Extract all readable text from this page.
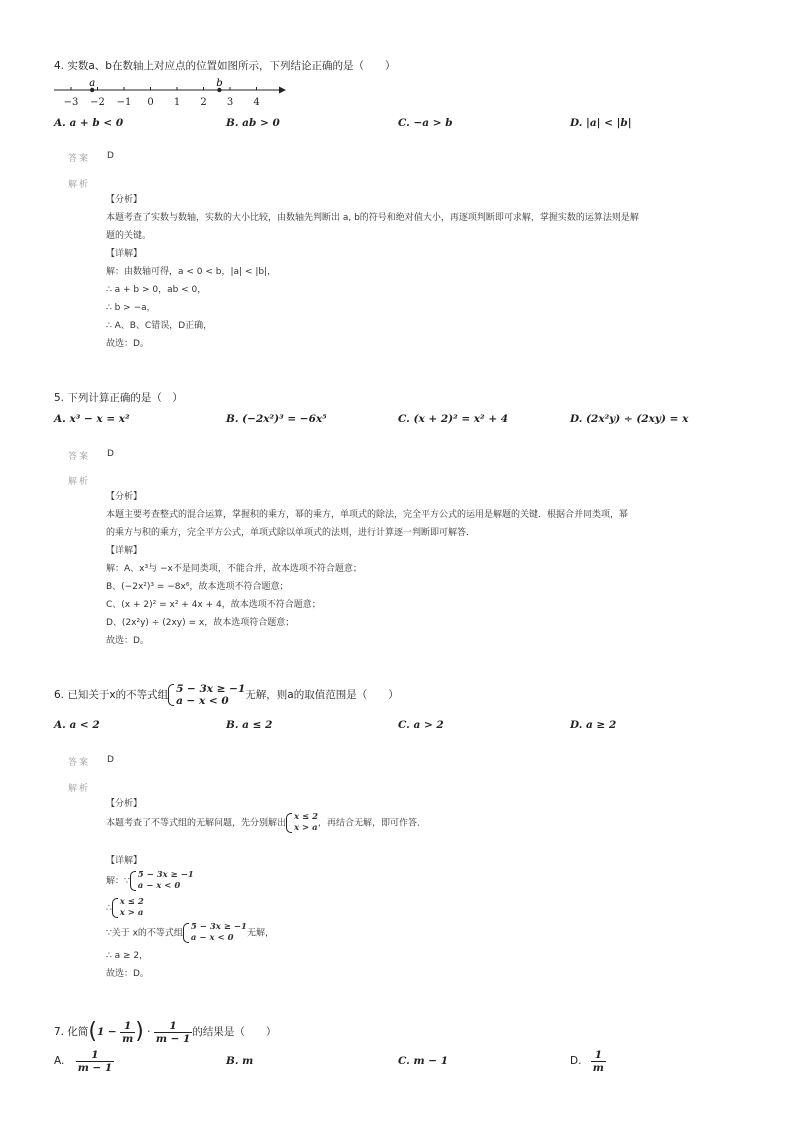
4. 实数a、b在数轴上对应点的位置如图所示，下列结论正确的是（　　）
−3 −2 −1 0 1 2 3 4
a	b
A. a + b < 0	B. ab > 0	C. −a > b	D. |a| < |b|
答案 D
解析
【分析】
本题考查了实数与数轴，实数的大小比较，由数轴先判断出 a, b的符号和绝对值大小，再逐项判断即可求解，掌握实数的运算法则是解
题的关键。
【详解】
解：由数轴可得，a < 0 < b，|a| < |b|，
∴ a + b > 0，ab < 0，
∴ b > −a，
∴ A、B、C错误，D正确，
故选：D。
5. 下列计算正确的是（　）
A. x³ − x = x²	B. (−2x²)³ = −6x⁵	C. (x + 2)² = x² + 4	D. (2x²y) ÷ (2xy) = x
答案 D
解析
【分析】
本题主要考查整式的混合运算，掌握积的乘方，幂的乘方，单项式的除法，完全平方公式的运用是解题的关键．根据合并同类项，幂
的乘方与积的乘方，完全平方公式，单项式除以单项式的法则，进行计算逐一判断即可解答．
【详解】
解：A、x³与 −x不是同类项，不能合并，故本选项不符合题意；
B、(−2x²)³ = −8x⁶，故本选项不符合题意；
C、(x + 2)² = x² + 4x + 4，故本选项不符合题意；
D、(2x²y) ÷ (2xy) = x，故本选项符合题意；
故选：D。
6. 已知关于x的不等式组 5 − 3x ≥ −1
a − x < 0	无解，则a的取值范围是（　　）
A. a < 2	B. a ≤ 2	C. a > 2	D. a ≥ 2
答案 D
解析
【分析】
本题考查了不等式组的无解问题，先分别解出
x ≤ 2
x > a ，再结合无解，即可作答．
【详解】
解：∵
5 − 3x ≥ −1
a − x < 0
∴
x ≤ 2
x > a
∵关于 x的不等式组
5 − 3x ≥ −1
a − x < 0	无解，
∴ a ≥ 2，
故选：D。
7. 化简($1 - \frac{1}{m}$ ) · $\frac{1}{m - 1}$ 的结果是（　　）
A. $\frac{1}{m - 1}$	B. m	C. m − 1	D. $\frac{1}{m}$
